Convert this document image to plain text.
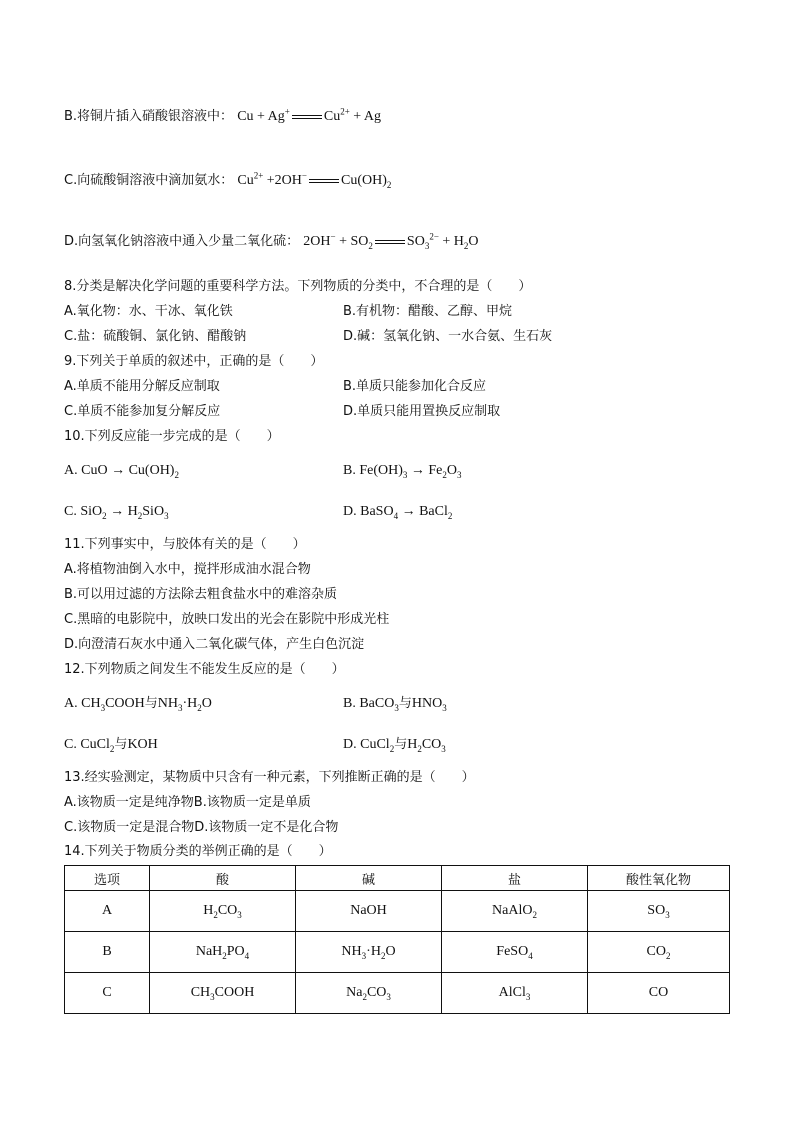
B.将铜片插入硝酸银溶液中： Cu + Ag+ $Cu^{2+} + Ag$
C.向硫酸铜溶液中滴加氨水： $Cu^{2+} +2OH^-$ $Cu(OH)_2$
D.向氢氧化钠溶液中通入少量二氧化硫： $2OH^- + SO_2$ $SO_3^{2-} + H_2O$
8.分类是解决化学问题的重要科学方法。下列物质的分类中，不合理的是（　　）
A.氧化物：水、干冰、氧化铁	B.有机物：醋酸、乙醇、甲烷
C.盐：硫酸铜、氯化钠、醋酸钠	D.碱：氢氧化钠、一水合氨、生石灰
9.下列关于单质的叙述中，正确的是（　　）
A.单质不能用分解反应制取	B.单质只能参加化合反应
C.单质不能参加复分解反应	D.单质只能用置换反应制取
10.下列反应能一步完成的是（　　）
A. CuO → $Cu(OH)_2$	B. $Fe(OH)_3 \to Fe_2O_3$
C. $SiO_2 \to H_2SiO_3$	D. BaSO$_4$ → BaCl$_2$
11.下列事实中，与胶体有关的是（　　）
A.将植物油倒入水中，搅拌形成油水混合物
B.可以用过滤的方法除去粗食盐水中的难溶杂质
C.黑暗的电影院中，放映口发出的光会在影院中形成光柱
D.向澄清石灰水中通入二氧化碳气体，产生白色沉淀
12.下列物质之间发生不能发生反应的是（　　）
A. $CH_3COOH$与$NH_3\cdot H_2O$	B. BaCO$_3$与$HNO_3$
C. CuCl$_2$与KOH	D. CuCl$_2$与$H_2CO_3$
13.经实验测定，某物质中只含有一种元素，下列推断正确的是（　　）
A.该物质一定是纯净物B.该物质一定是单质
C.该物质一定是混合物D.该物质一定不是化合物
14.下列关于物质分类的举例正确的是（　　）
选项	酸	碱	盐	酸性氧化物
A	$H_2CO_3$	NaOH	NaAlO$_2$	$SO_3$
B	$NaH_2PO_4$	$NH_3\cdot H_2O$	FeSO$_4$	$CO_2$
C	$CH_3COOH$	$Na_2CO_3$	AlCl$_3$	CO
